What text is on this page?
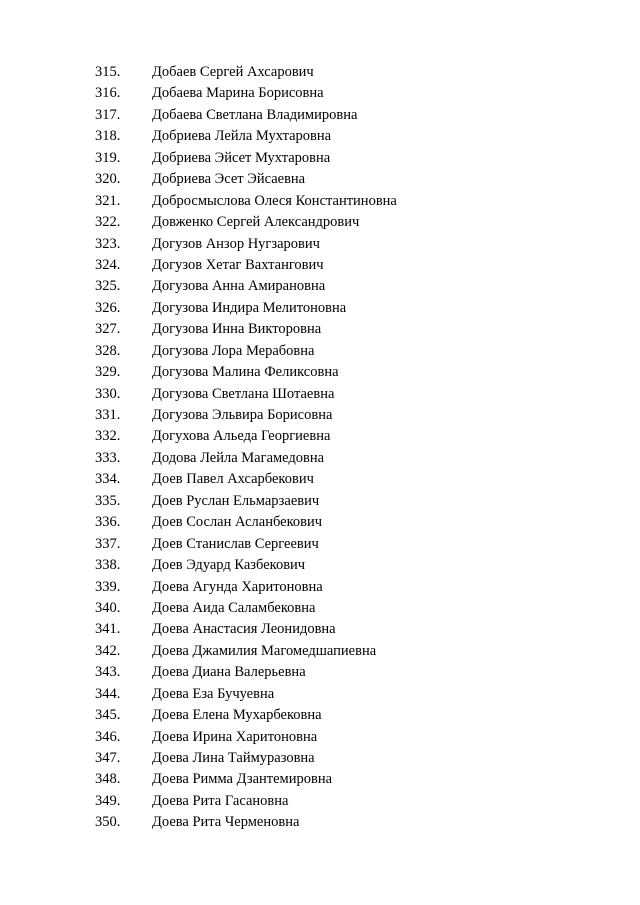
315. Добаев Сергей Ахсарович
316. Добаева Марина Борисовна
317. Добаева Светлана Владимировна
318. Добриева Лейла Мухтаровна
319. Добриева Эйсет Мухтаровна
320. Добриева Эсет Эйсаевна
321. Добросмыслова Олеся Константиновна
322. Довженко Сергей Александрович
323. Догузов Анзор Нугзарович
324. Догузов Хетаг Вахтангович
325. Догузова Анна Амирановна
326. Догузова Индира Мелитоновна
327. Догузова Инна Викторовна
328. Догузова Лора Мерабовна
329. Догузова Малина Феликсовна
330. Догузова Светлана Шотаевна
331. Догузова Эльвира Борисовна
332. Догухова Альеда Георгиевна
333. Додова Лейла Магамедовна
334. Доев Павел Ахсарбекович
335. Доев Руслан Ельмарзаевич
336. Доев Сослан Асланбекович
337. Доев Станислав Сергеевич
338. Доев Эдуард Казбекович
339. Доева Агунда Харитоновна
340. Доева Аида Саламбековна
341. Доева Анастасия Леонидовна
342. Доева Джамилия Магомедшапиевна
343. Доева Диана Валерьевна
344. Доева Еза Бучуевна
345. Доева Елена Мухарбековна
346. Доева Ирина Харитоновна
347. Доева Лина Таймуразовна
348. Доева Римма Дзантемировна
349. Доева Рита Гасановна
350. Доева Рита Черменовна
